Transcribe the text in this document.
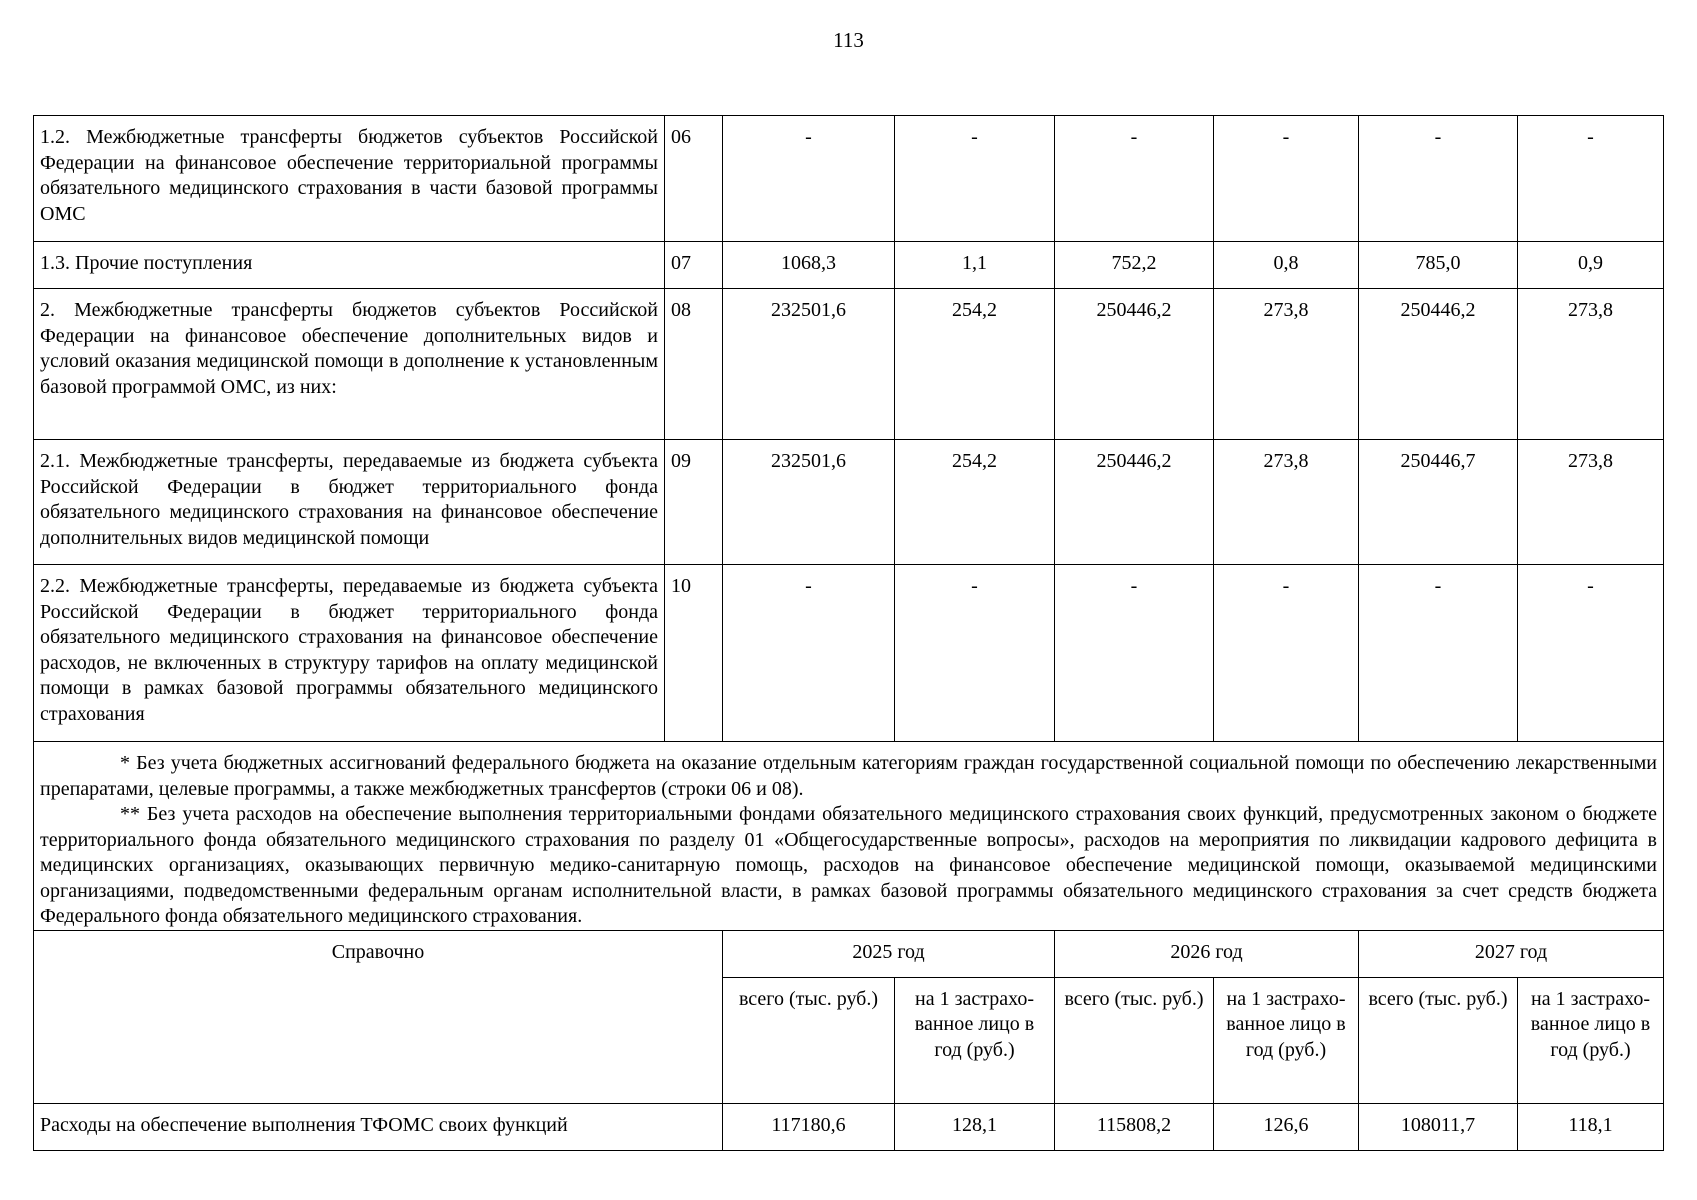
113
1.2. Межбюджетные трансферты бюджетов субъектов Российской Федерации на финансовое обеспечение территориальной программы обязательного медицинского страхования в части базовой программы ОМС	06	-	-	-	-	-	-
1.3. Прочие поступления	07	1068,3	1,1	752,2	0,8	785,0	0,9
2. Межбюджетные трансферты бюджетов субъектов Российской Федерации на финансовое обеспечение дополнительных видов и условий оказания медицинской помощи в дополнение к установленным базовой программой ОМС, из них:	08	232501,6	254,2	250446,2	273,8	250446,2	273,8
2.1. Межбюджетные трансферты, передаваемые из бюджета субъекта Российской Федерации в бюджет территориального фонда обязательного медицинского страхования на финансовое обеспечение дополнительных видов медицинской помощи	09	232501,6	254,2	250446,2	273,8	250446,7	273,8
2.2. Межбюджетные трансферты, передаваемые из бюджета субъекта Российской Федерации в бюджет территориального фонда обязательного медицинского страхования на финансовое обеспечение расходов, не включенных в структуру тарифов на оплату медицинской помощи в рамках базовой программы обязательного медицинского страхования	10	-	-	-	-	-	-

* Без учета бюджетных ассигнований федерального бюджета на оказание отдельным категориям граждан государственной социальной помощи по обеспечению лекарственными препаратами, целевые программы, а также межбюджетных трансфертов (строки 06 и 08).

** Без учета расходов на обеспечение выполнения территориальными фондами обязательного медицинского страхования своих функций, предусмотренных законом о бюджете территориального фонда обязательного медицинского страхования по разделу 01 «Общегосударственные вопросы», расходов на мероприятия по ликвидации кадрового дефицита в медицинских организациях, оказывающих первичную медико-санитарную помощь, расходов на финансовое обеспечение медицинской помощи, оказываемой медицинскими организациями, подведомственными федеральным органам исполнительной власти, в рамках базовой программы обязательного медицинского страхования за счет средств бюджета Федерального фонда обязательного медицинского страхования.							

Справочно		2025 год		2026 год		2027 год	
		всего (тыс. руб.)	на 1 застрахо-ванное лицо в год (руб.)	всего (тыс. руб.)	на 1 застрахо-ванное лицо в год (руб.)	всего (тыс. руб.)	на 1 застрахо-ванное лицо в год (руб.)
Расходы на обеспечение выполнения ТФОМС своих функций		117180,6	128,1	115808,2	126,6	108011,7	118,1
